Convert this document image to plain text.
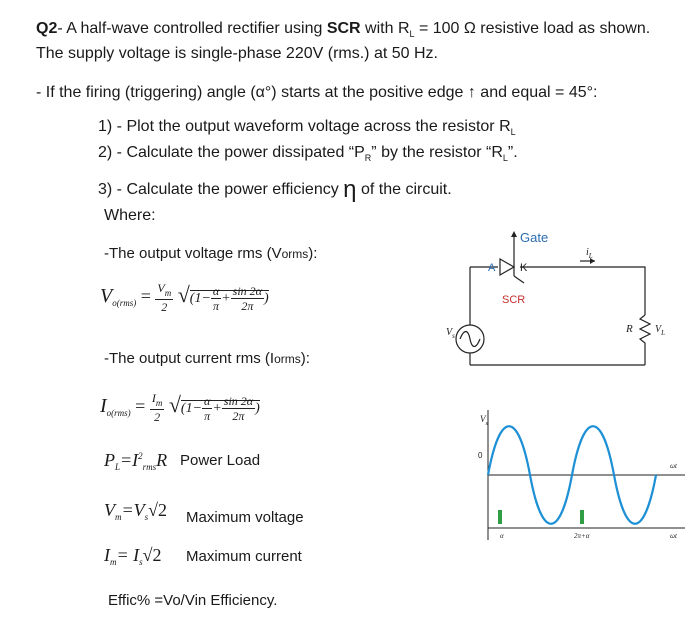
Q2- A half-wave controlled rectifier using SCR with $R_L = 100$ Ω resistive load as shown.
The supply voltage is single-phase 220V (rms.) at 50 Hz.
- If the firing (triggering) angle (α°) starts at the positive edge ↑ and equal = 45°:
1) - Plot the output waveform voltage across the resistor $R_L$
2) - Calculate the power dissipated “$P_R$” by the resistor “$R_L$”.
3) - Calculate the power efficiency η of the circuit.
Where:
-The output voltage rms (Vorms):
$V_{o(rms)} = \frac{V_m}{2} √(1- \frac{\alpha}{\pi} + \frac{\sin 2\alpha}{2\pi}$ )
-The output current rms (Iorms):
$I_{o(rms)} = \frac{I_m}{2} √(1- \frac{\alpha}{\pi} + \frac{\sin 2\alpha}{2\pi}$ )
$P_L=I^2_{rms}R$ Power Load
$V_m=V_s√2$ Maximum voltage
$I_m= I_s√2$ Maximum current
Effic% =Vo/Vin Efficiency.
Gate
A K
SCR
$i_L$
$V_s$
R $V_L$
$V_s$
0
ωt
α	2π+α	ωt
